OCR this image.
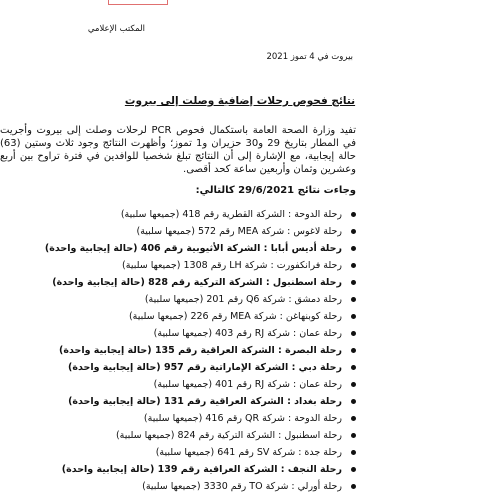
المكتب الإعلامي
بيروت في 4 تموز 2021
نتائج فحوص رحلات إضافية وصلت إلى بيروت

تفيد وزارة الصحة العامة باستكمال فحوص PCR لرحلات وصلت إلى بيروت وأجريت في المطار بتاريخ 29 و30 حزيران و1 تموز؛ وأظهرت النتائج وجود ثلاث وستين (63) حالة إيجابية، مع الإشارة إلى أن النتائج تبلغ شخصيا للوافدين في فترة تراوح بين أربع وعشرين وثمان وأربعين ساعة كحد أقصى.

وجاءت نتائج 29/6/2021 كالتالي:
رحلة الدوحة : الشركة القطرية رقم 418 (جميعها سلبية)
رحلة لاغوس : شركة MEA رقم 572 (جميعها سلبية)
رحلة أديس أبابا : الشركة الأثيوبية رقم 406 (حالة إيجابية واحدة)
رحلة فرانكفورت : شركة LH رقم 1308 (جميعها سلبية)
رحلة اسطنبول : الشركة التركية رقم 828 (حالة إيجابية واحدة)
رحلة دمشق : شركة Q6 رقم 201 (جميعها سلبية)
رحلة كوبنهاغن : شركة MEA رقم 226 (جميعها سلبية)
رحلة عمان : شركة RJ رقم 403 (جميعها سلبية)
رحلة البصرة : الشركة العراقية رقم 135 (حالة إيجابية واحدة)
رحلة دبي : الشركة الإماراتية رقم 957 (حالة إيجابية واحدة)
رحلة عمان : شركة RJ رقم 401 (جميعها سلبية)
رحلة بغداد : الشركة العراقية رقم 131 (حالة إيجابية واحدة)
رحلة الدوحة : شركة QR رقم 416 (جميعها سلبية)
رحلة اسطنبول : الشركة التركية رقم 824 (جميعها سلبية)
رحلة جدة : شركة SV رقم 641 (جميعها سلبية)
رحلة النجف : الشركة العراقية رقم 139 (حالة إيجابية واحدة)
رحلة أورلي : شركة TO رقم 3330 (جميعها سلبية)
